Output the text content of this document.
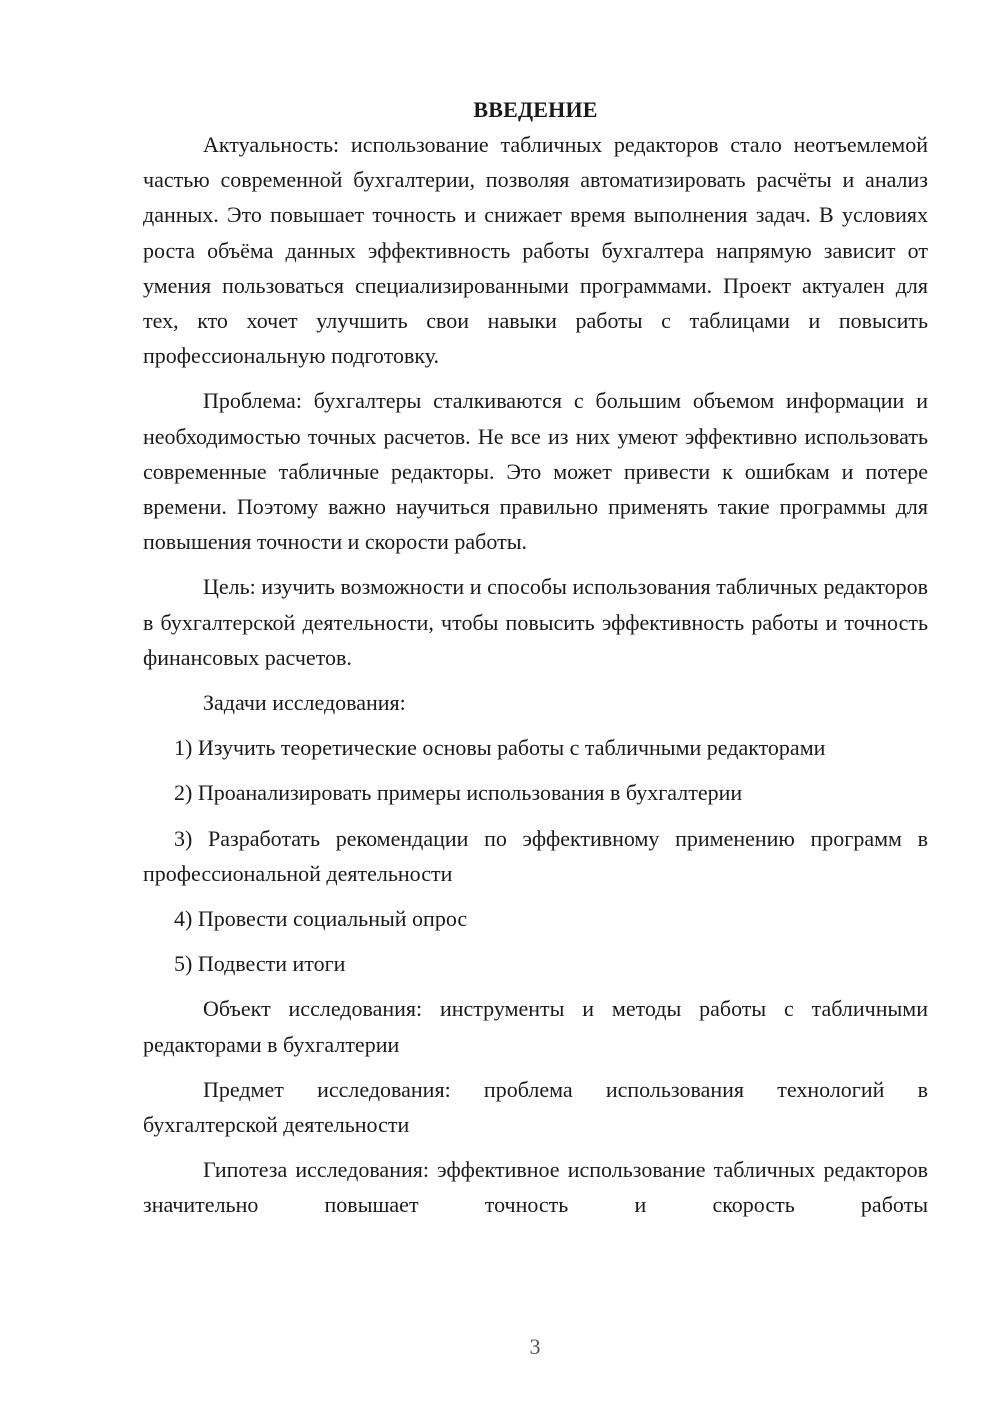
ВВЕДЕНИЕ

Актуальность: использование табличных редакторов стало неотъемлемой частью современной бухгалтерии, позволяя автоматизировать расчёты и анализ данных. Это повышает точность и снижает время выполнения задач. В условиях роста объёма данных эффективность работы бухгалтера напрямую зависит от умения пользоваться специализированными программами. Проект актуален для тех, кто хочет улучшить свои навыки работы с таблицами и повысить профессиональную подготовку.

Проблема: бухгалтеры сталкиваются с большим объемом информации и необходимостью точных расчетов. Не все из них умеют эффективно использовать современные табличные редакторы. Это может привести к ошибкам и потере времени. Поэтому важно научиться правильно применять такие программы для повышения точности и скорости работы.

Цель: изучить возможности и способы использования табличных редакторов в бухгалтерской деятельности, чтобы повысить эффективность работы и точность финансовых расчетов.

Задачи исследования:

1) Изучить теоретические основы работы с табличными редакторами

2) Проанализировать примеры использования в бухгалтерии

3) Разработать рекомендации по эффективному применению программ в профессиональной деятельности

4) Провести социальный опрос

5) Подвести итоги

Объект исследования: инструменты и методы работы с табличными редакторами в бухгалтерии

Предмет исследования: проблема использования технологий в бухгалтерской деятельности

Гипотеза исследования: эффективное использование табличных редакторов значительно повышает точность и скорость работы

3
